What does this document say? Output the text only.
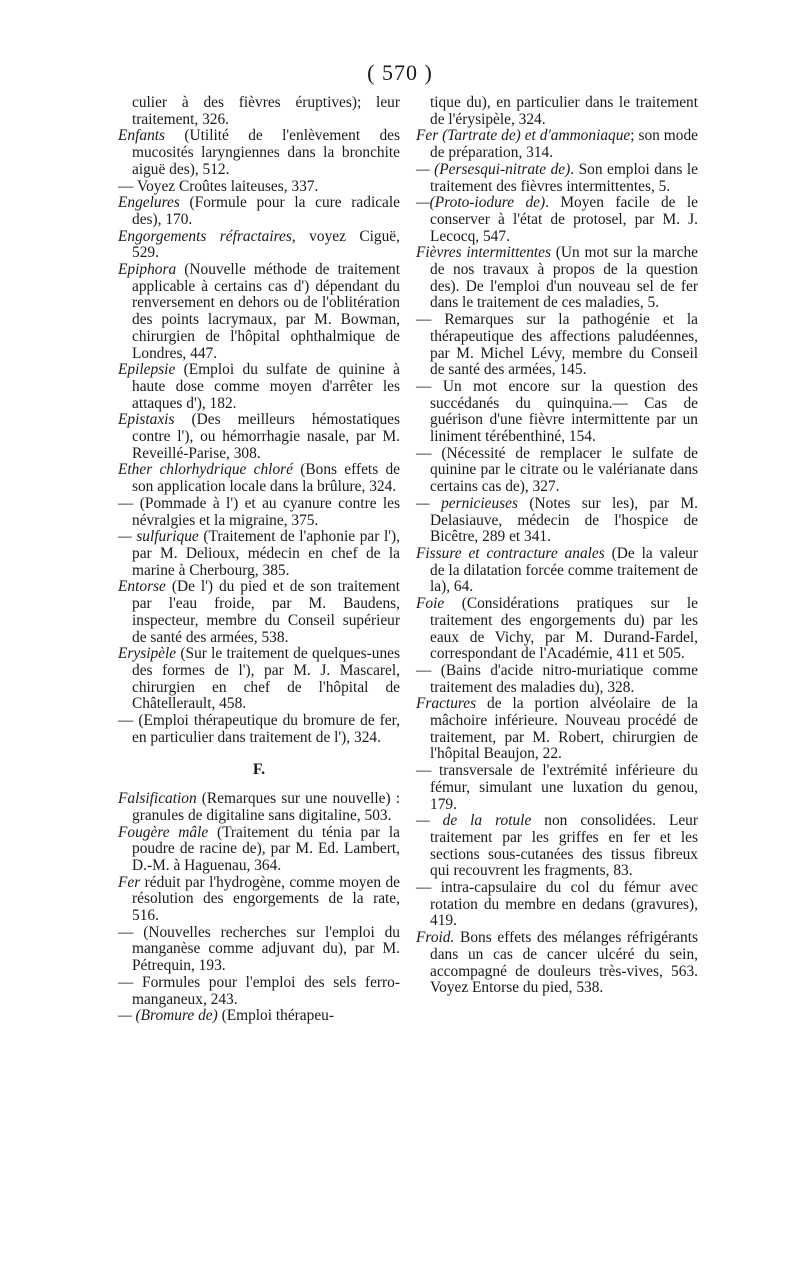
( 570 )

culier à des fièvres éruptives); leur traitement, 326.

Enfants (Utilité de l'enlèvement des mucosités laryngiennes dans la bronchite aiguë des), 512.

— Voyez Croûtes laiteuses, 337.

Engelures (Formule pour la cure radicale des), 170.

Engorgements réfractaires, voyez Ciguë, 529.

Epiphora (Nouvelle méthode de traitement applicable à certains cas d') dépendant du renversement en dehors ou de l'oblitération des points lacrymaux, par M. Bowman, chirurgien de l'hôpital ophthalmique de Londres, 447.

Epilepsie (Emploi du sulfate de quinine à haute dose comme moyen d'arrêter les attaques d'), 182.

Epistaxis (Des meilleurs hémostatiques contre l'), ou hémorrhagie nasale, par M. Reveillé-Parise, 308.

Ether chlorhydrique chloré (Bons effets de son application locale dans la brûlure, 324.

— (Pommade à l') et au cyanure contre les névralgies et la migraine, 375.

— sulfurique (Traitement de l'aphonie par l'), par M. Delioux, médecin en chef de la marine à Cherbourg, 385.

Entorse (De l') du pied et de son traitement par l'eau froide, par M. Baudens, inspecteur, membre du Conseil supérieur de santé des armées, 538.

Erysipèle (Sur le traitement de quelques-unes des formes de l'), par M. J. Mascarel, chirurgien en chef de l'hôpital de Châtellerault, 458.

— (Emploi thérapeutique du bromure de fer, en particulier dans traitement de l'), 324.

F.

Falsification (Remarques sur une nouvelle) : granules de digitaline sans digitaline, 503.

Fougère mâle (Traitement du ténia par la poudre de racine de), par M. Ed. Lambert, D.-M. à Haguenau, 364.

Fer réduit par l'hydrogène, comme moyen de résolution des engorgements de la rate, 516.

— (Nouvelles recherches sur l'emploi du manganèse comme adjuvant du), par M. Pétrequin, 193.

— Formules pour l'emploi des sels ferro-manganeux, 243.

— (Bromure de) (Emploi thérapeu-

tique du), en particulier dans le traitement de l'érysipèle, 324.

Fer (Tartrate de) et d'ammoniaque; son mode de préparation, 314.

— (Persesqui-nitrate de). Son emploi dans le traitement des fièvres intermittentes, 5.

—(Proto-iodure de). Moyen facile de le conserver à l'état de protosel, par M. J. Lecocq, 547.

Fièvres intermittentes (Un mot sur la marche de nos travaux à propos de la question des). De l'emploi d'un nouveau sel de fer dans le traitement de ces maladies, 5.

— Remarques sur la pathogénie et la thérapeutique des affections paludéennes, par M. Michel Lévy, membre du Conseil de santé des armées, 145.

— Un mot encore sur la question des succédanés du quinquina.— Cas de guérison d'une fièvre intermittente par un liniment térébenthiné, 154.

— (Nécessité de remplacer le sulfate de quinine par le citrate ou le valérianate dans certains cas de), 327.

— pernicieuses (Notes sur les), par M. Delasiauve, médecin de l'hospice de Bicêtre, 289 et 341.

Fissure et contracture anales (De la valeur de la dilatation forcée comme traitement de la), 64.

Foie (Considérations pratiques sur le traitement des engorgements du) par les eaux de Vichy, par M. Durand-Fardel, correspondant de l'Académie, 411 et 505.

— (Bains d'acide nitro-muriatique comme traitement des maladies du), 328.

Fractures de la portion alvéolaire de la mâchoire inférieure. Nouveau procédé de traitement, par M. Robert, chirurgien de l'hôpital Beaujon, 22.

— transversale de l'extrémité inférieure du fémur, simulant une luxation du genou, 179.

— de la rotule non consolidées. Leur traitement par les griffes en fer et les sections sous-cutanées des tissus fibreux qui recouvrent les fragments, 83.

— intra-capsulaire du col du fémur avec rotation du membre en dedans (gravures), 419.

Froid. Bons effets des mélanges réfrigérants dans un cas de cancer ulcéré du sein, accompagné de douleurs très-vives, 563. Voyez Entorse du pied, 538.
